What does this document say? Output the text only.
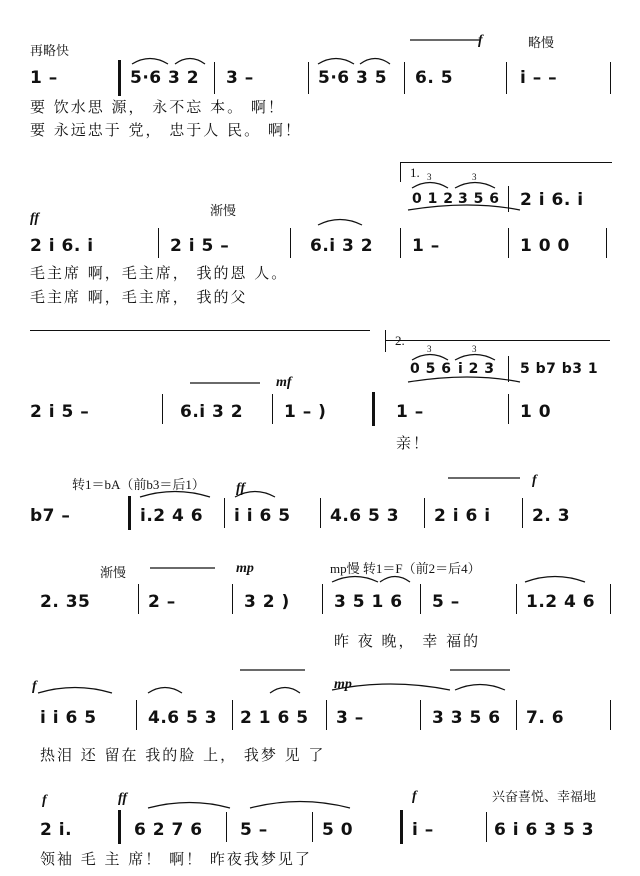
3	3
3	3
再略快
f	略慢
1 –	5·6 3 2 3 –	5·6 3 5 6. 5	i – –
要 饮水思 源， 永不忘 本。 啊！
要 永远忠于 党， 忠于人 民。 啊！
1.
0 1 2 3 5 6 2 i 6. i
ff
渐慢
2 i 6. i	2 i 5 –	6.i 3 2 1 –	1 0 0
毛主席 啊，毛主席， 我的恩 人。
毛主席 啊，毛主席， 我的父
2.
0 5 6 i 2 3 5 b7 b3 1
mf
2 i 5 –	6.i 3 2 1 – )	1 –	1 0
亲！
转1＝bA（前b3＝后1） ff
f
b7 –	i.2 4 6 i i 6 5 4.6 5 3 2 i 6 i 2. 3
渐慢	mp	mp慢 转1＝F（前2＝后4）
2. 35	2 –	3 2 )	3 5 1 6 5 –	1.2 4 6
昨 夜 晚， 幸 福的
f	mp
i i 6 5	4.6 5 3 2 1 6 5 3 –	3 3 5 6 7. 6
热泪 还 留在 我的脸 上， 我梦 见 了
兴奋喜悦、幸福地
f	ff	f
2 i.	6 2 7 6 5 –	5 0	i –	6 i 6 3 5 3
领袖 毛 主 席！ 啊！ 昨夜我梦见了
